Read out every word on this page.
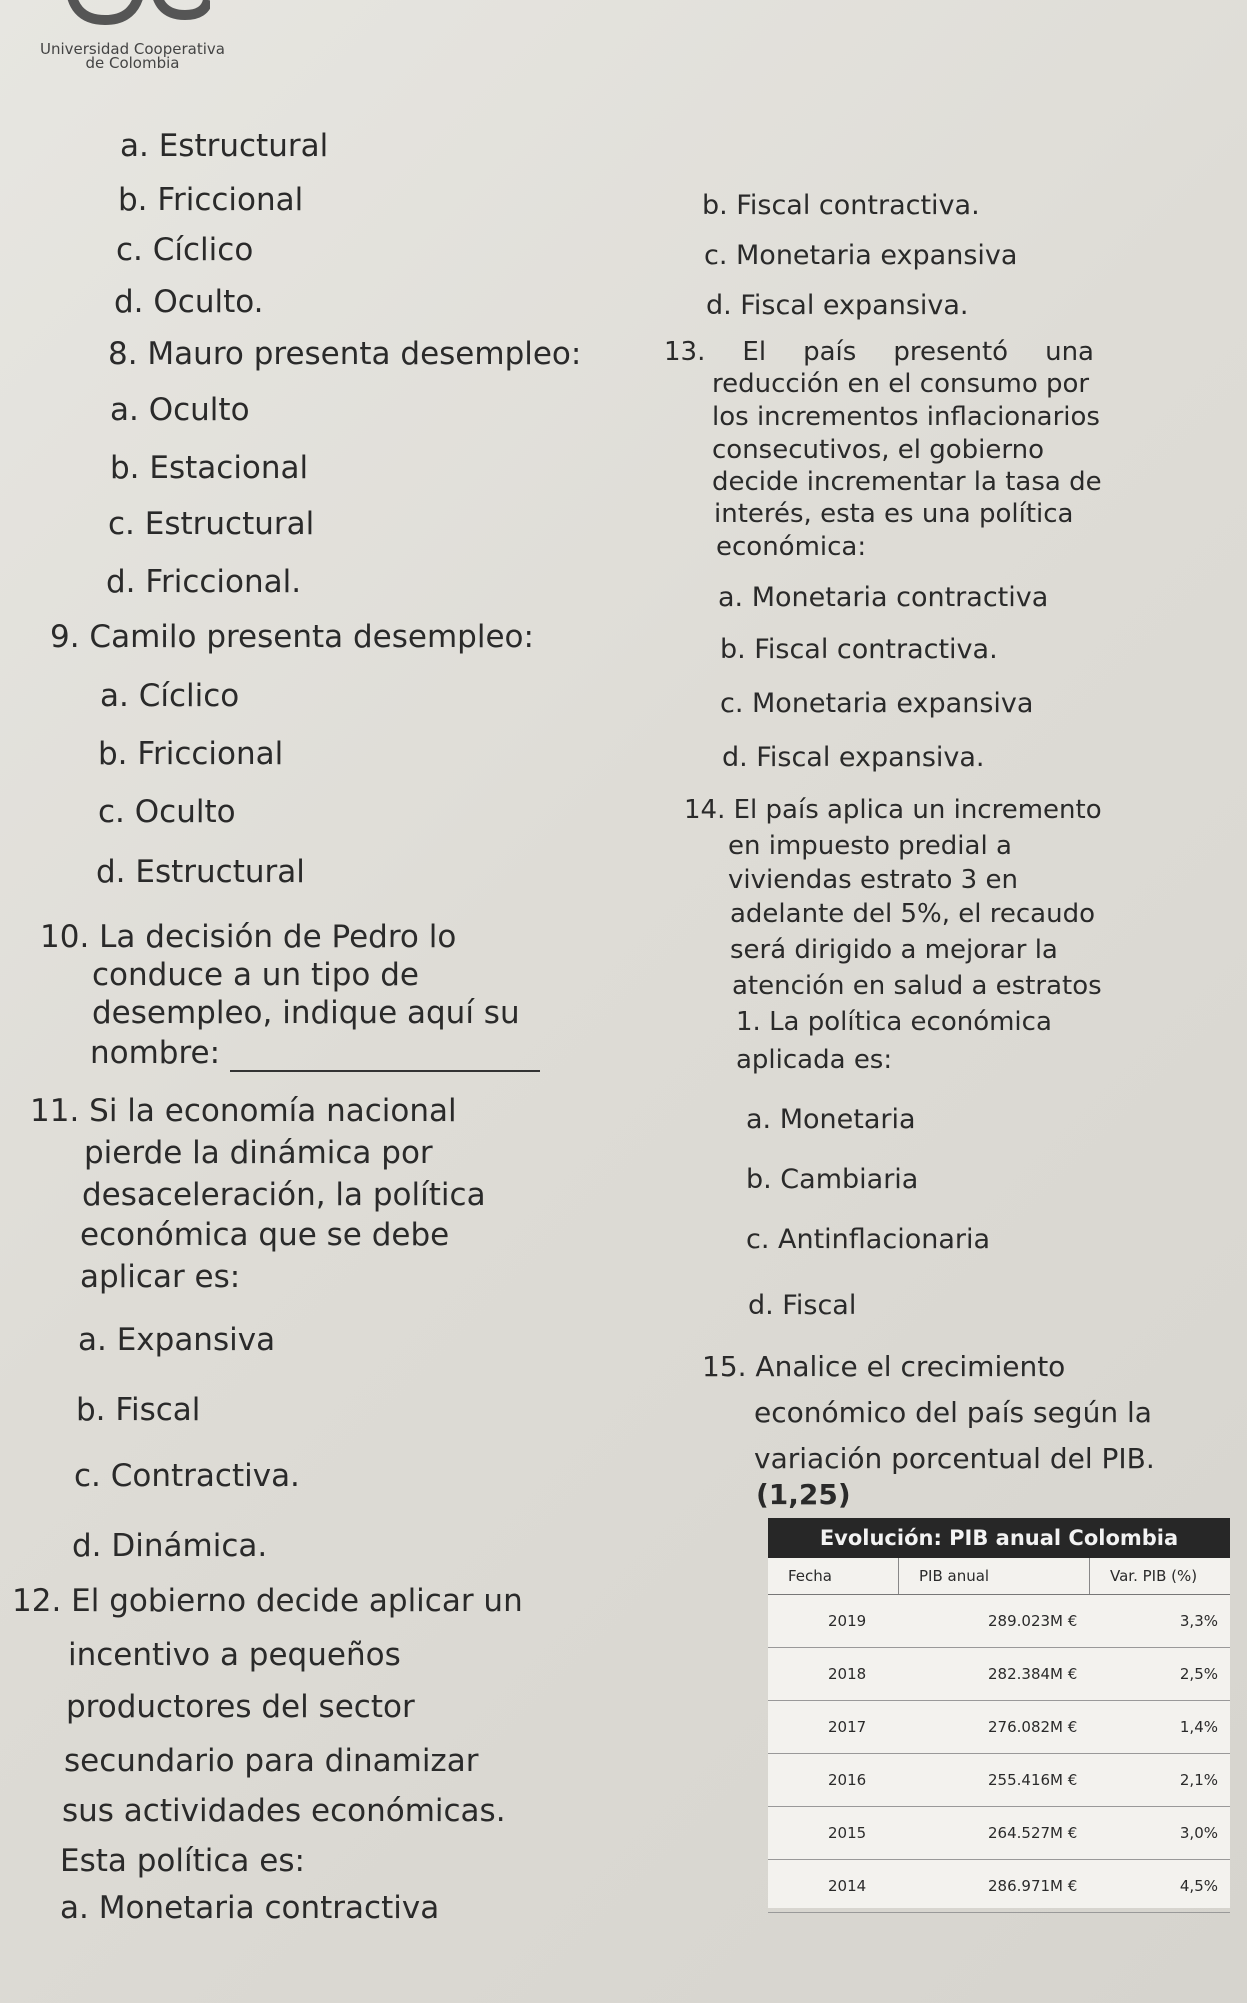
Universidad Cooperativa
de Colombia
a. Estructural
b. Friccional
c. Cíclico
d. Oculto.
8. Mauro presenta desempleo:
a. Oculto
b. Estacional
c. Estructural
d. Friccional.
9. Camilo presenta desempleo:
a. Cíclico
b. Friccional
c. Oculto
d. Estructural
10. La decisión de Pedro lo
conduce a un tipo de
desempleo, indique aquí su
nombre:
11. Si la economía nacional
pierde la dinámica por
desaceleración, la política
económica que se debe
aplicar es:
a. Expansiva
b. Fiscal
c. Contractiva.
d. Dinámica.
12. El gobierno decide aplicar un
incentivo a pequeños
productores del sector
secundario para dinamizar
sus actividades económicas.
Esta política es:
a. Monetaria contractiva
b. Fiscal contractiva.
c. Monetaria expansiva
d. Fiscal expansiva.
13. El país presentó una
reducción en el consumo por
los incrementos inflacionarios
consecutivos, el gobierno
decide incrementar la tasa de
interés, esta es una política
económica:
a. Monetaria contractiva
b. Fiscal contractiva.
c. Monetaria expansiva
d. Fiscal expansiva.
14. El país aplica un incremento
en impuesto predial a
viviendas estrato 3 en
adelante del 5%, el recaudo
será dirigido a mejorar la
atención en salud a estratos
1. La política económica
aplicada es:
a. Monetaria
b. Cambiaria
c. Antinflacionaria
d. Fiscal
15. Analice el crecimiento
económico del país según la
variación porcentual del PIB.
(1,25)
Evolución: PIB anual Colombia
Fecha	PIB anual	Var. PIB (%)
2019	289.023M €	3,3%
2018	282.384M €	2,5%
2017	276.082M €	1,4%
2016	255.416M €	2,1%
2015	264.527M €	3,0%
2014	286.971M €	4,5%
